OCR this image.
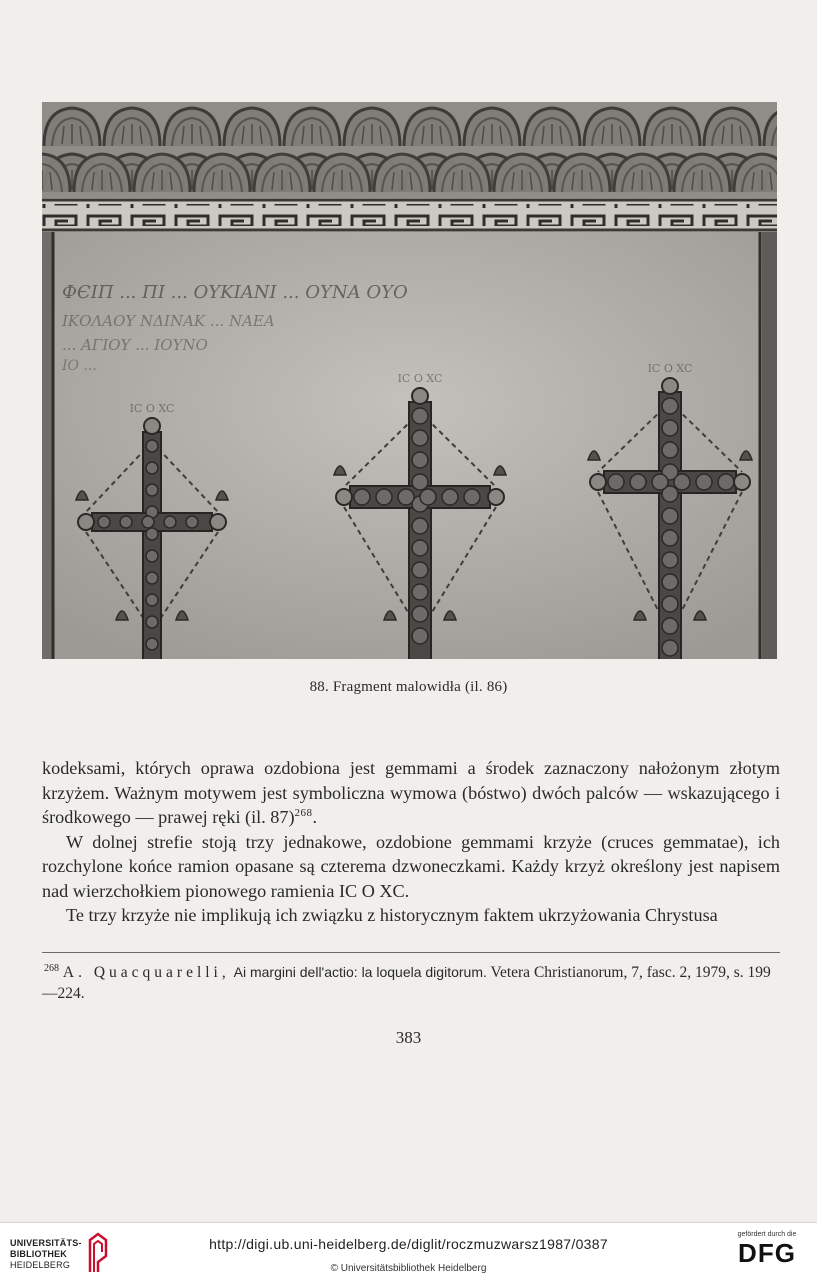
ФЄІП ... ΠΙ ... ΟΥΚΙΑΝΙ ... ΟΥΝΑ ΟΥΟ
ΙΚΟΛΑΟΥ ΝΔΙΝΑΚ ... ΝΑΕΑ
... ΑΓΙΟΥ ... ΙΟΥΝΟ
ΙΟ ...
IC O XC
IC O XC
IC O XC
88. Fragment malowidła (il. 86)

kodeksami, których oprawa ozdobiona jest gemmami a środek zaznaczony nałożonym złotym krzyżem. Ważnym motywem jest symboliczna wymowa (bóstwo) dwóch palców — wskazującego i środkowego — prawej ręki (il. 87)$^{268}$.

W dolnej strefie stoją trzy jednakowe, ozdobione gemmami krzyże (cruces gemmatae), ich rozchylone końce ramion opasane są czterema dzwoneczkami. Każdy krzyż określony jest napisem nad wierzchołkiem pionowego ramienia IC O XC.

Te trzy krzyże nie implikują ich związku z historycznym faktem ukrzyżowania Chrystusa

$^{268}$ A. Quacquarelli, Ai margini dell'actio: la loquela digitorum. Vetera Christianorum, 7, fasc. 2, 1979, s. 199—224.
383
UNIVERSITÄTS-
BIBLIOTHEK
HEIDELBERG
http://digi.ub.uni-heidelberg.de/diglit/roczmuzwarsz1987/0387
© Universitätsbibliothek Heidelberg
gefördert durch die
DFG
